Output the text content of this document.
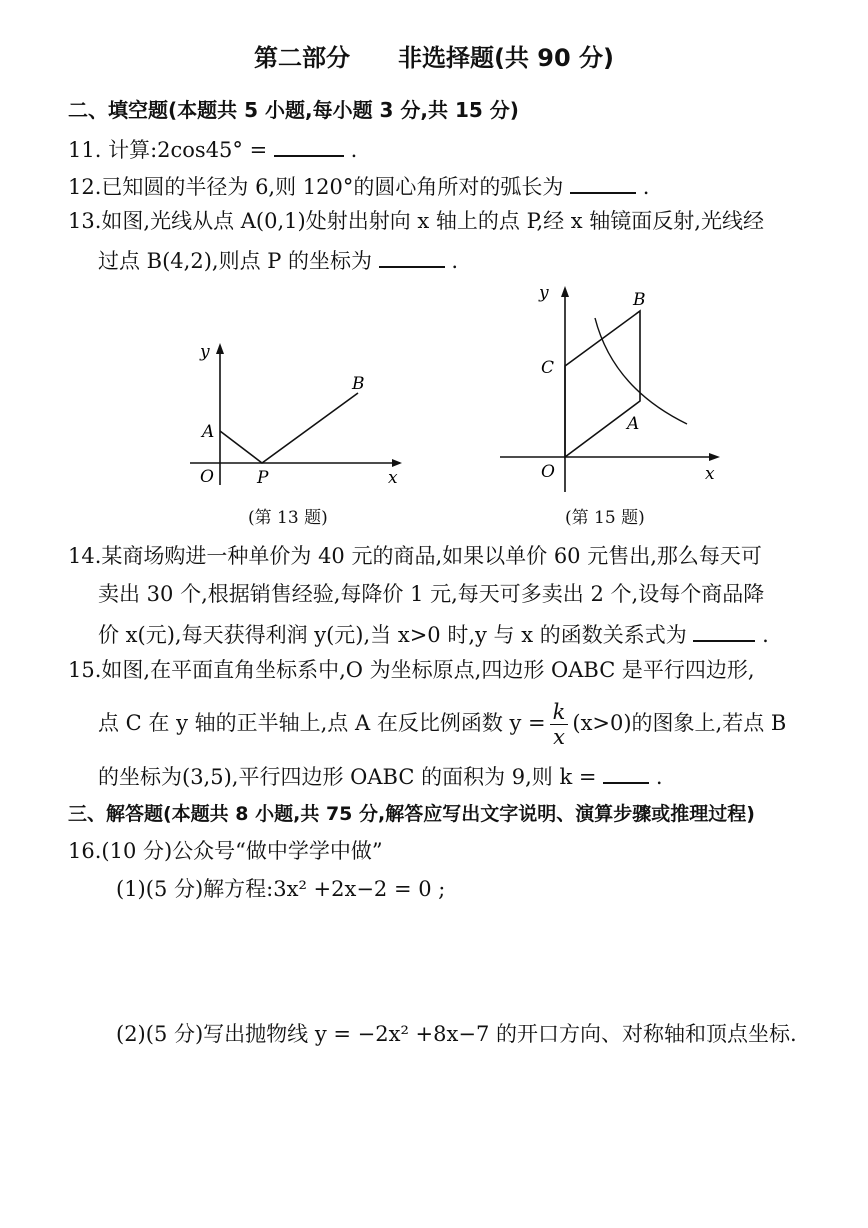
第二部分　　非选择题(共 90 分)
二、填空题(本题共 5 小题,每小题 3 分,共 15 分)
11. 计算:2cos45° =	.
12.已知圆的半径为 6,则 120°的圆心角所对的弧长为	.
13.如图,光线从点 A(0,1)处射出射向 x 轴上的点 P,经 x 轴镜面反射,光线经
过点 B(4,2),则点 P 的坐标为	.
y
x
O
A
P
B
(第 13 题)
y
x
O
A
B
C
(第 15 题)
14.某商场购进一种单价为 40 元的商品,如果以单价 60 元售出,那么每天可
卖出 30 个,根据销售经验,每降价 1 元,每天可多卖出 2 个,设每个商品降
价 x(元),每天获得利润 y(元),当 x>0 时,y 与 x 的函数关系式为	.
15.如图,在平面直角坐标系中,O 为坐标原点,四边形 OABC 是平行四边形,
点 C 在 y 轴的正半轴上,点 A 在反比例函数 $y = \frac{k}{x} (x>0)$的图象上,若点 B
的坐标为(3,5),平行四边形 OABC 的面积为 9,则 k =	.
三、解答题(本题共 8 小题,共 75 分,解答应写出文字说明、演算步骤或推理过程)
16.(10 分)公众号“做中学学中做”
(1)(5 分)解方程:3x² +2x−2 = 0 ;
(2)(5 分)写出抛物线 y = −2x² +8x−7 的开口方向、对称轴和顶点坐标.
